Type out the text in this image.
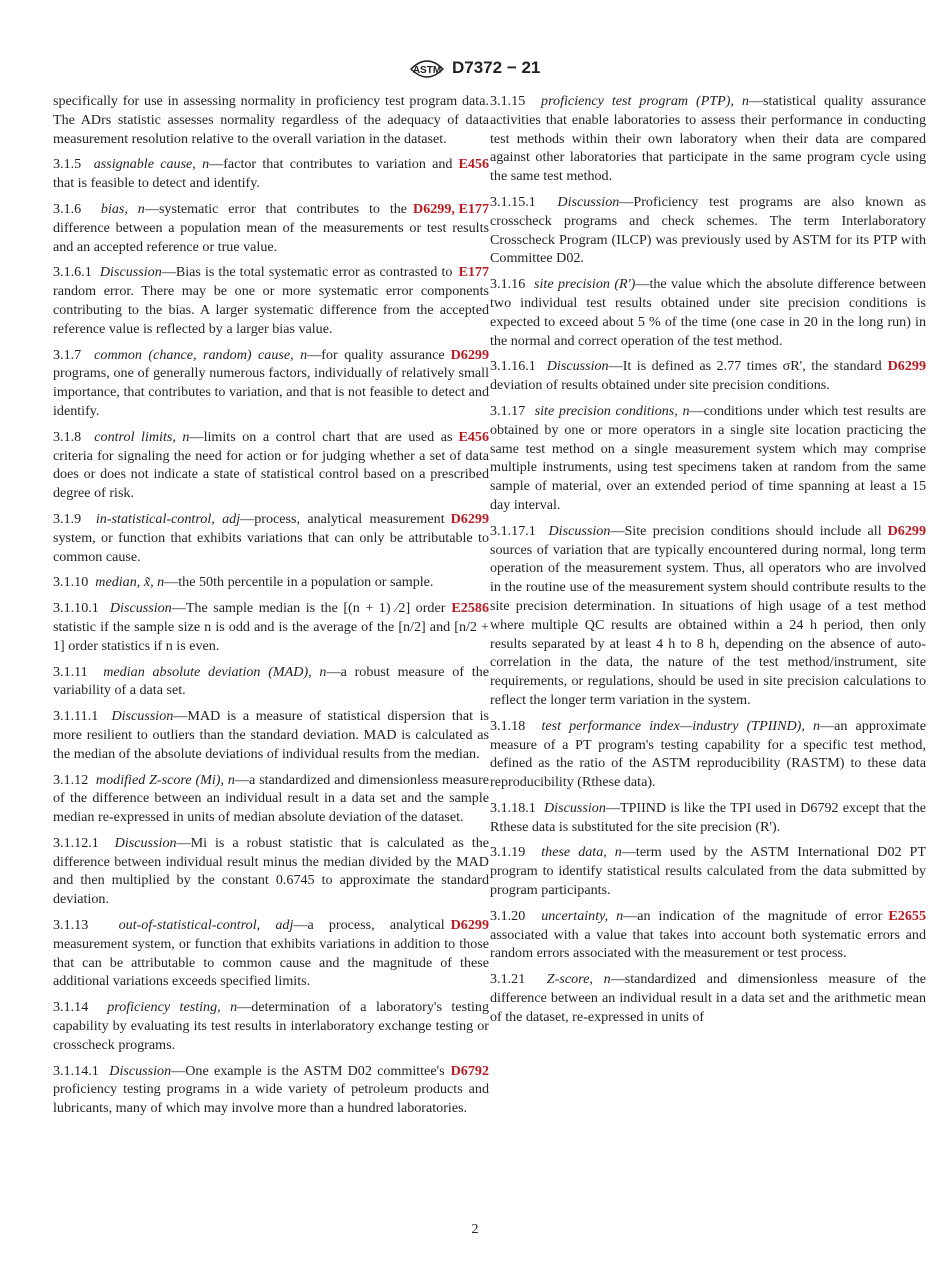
ASTM D7372 − 21

specifically for use in assessing normality in proficiency test program data. The ADrs statistic assesses normality regardless of the adequacy of data measurement resolution relative to the overall variation in the dataset.

E456
3.1.5 assignable cause, n—factor that contributes to variation and that is feasible to detect and identify.

D6299, E177
3.1.6 bias, n—systematic error that contributes to the difference between a population mean of the measurements or test results and an accepted reference or true value.

E177
3.1.6.1 Discussion—Bias is the total systematic error as contrasted to random error. There may be one or more systematic error components contributing to the bias. A larger systematic difference from the accepted reference value is reflected by a larger bias value.

D6299
3.1.7 common (chance, random) cause, n—for quality assurance programs, one of generally numerous factors, individually of relatively small importance, that contributes to variation, and that is not feasible to detect and identify.

E456
3.1.8 control limits, n—limits on a control chart that are used as criteria for signaling the need for action or for judging whether a set of data does or does not indicate a state of statistical control based on a prescribed degree of risk.

D6299
3.1.9 in-statistical-control, adj—process, analytical measurement system, or function that exhibits variations that can only be attributable to common cause.

3.1.10 median, x̃, n—the 50th percentile in a population or sample.

E2586
3.1.10.1 Discussion—The sample median is the [(n + 1) ⁄2] order statistic if the sample size n is odd and is the average of the [n/2] and [n/2 + 1] order statistics if n is even.

3.1.11 median absolute deviation (MAD), n—a robust measure of the variability of a data set.

3.1.11.1 Discussion—MAD is a measure of statistical dispersion that is more resilient to outliers than the standard deviation. MAD is calculated as the median of the absolute deviations of individual results from the median.

3.1.12 modified Z-score (Mi), n—a standardized and dimensionless measure of the difference between an individual result in a data set and the sample median re-expressed in units of median absolute deviation of the dataset.

3.1.12.1 Discussion—Mi is a robust statistic that is calculated as the difference between individual result minus the median divided by the MAD and then multiplied by the constant 0.6745 to approximate the standard deviation.

D6299
3.1.13 out-of-statistical-control, adj—a process, analytical measurement system, or function that exhibits variations in addition to those that can be attributable to common cause and the magnitude of these additional variations exceeds specified limits.

3.1.14 proficiency testing, n—determination of a laboratory's testing capability by evaluating its test results in interlaboratory exchange testing or crosscheck programs.

D6792
3.1.14.1 Discussion—One example is the ASTM D02 committee's proficiency testing programs in a wide variety of petroleum products and lubricants, many of which may involve more than a hundred laboratories.

3.1.15 proficiency test program (PTP), n—statistical quality assurance activities that enable laboratories to assess their performance in conducting test methods within their own laboratory when their data are compared against other laboratories that participate in the same program cycle using the same test method.

3.1.15.1 Discussion—Proficiency test programs are also known as crosscheck programs and check schemes. The term Interlaboratory Crosscheck Program (ILCP) was previously used by ASTM for its PTP with Committee D02.

3.1.16 site precision (R')—the value which the absolute difference between two individual test results obtained under site precision conditions is expected to exceed about 5 % of the time (one case in 20 in the long run) in the normal and correct operation of the test method.

D6299
3.1.16.1 Discussion—It is defined as 2.77 times σR', the standard deviation of results obtained under site precision conditions.

3.1.17 site precision conditions, n—conditions under which test results are obtained by one or more operators in a single site location practicing the same test method on a single measurement system which may comprise multiple instruments, using test specimens taken at random from the same sample of material, over an extended period of time spanning at least a 15 day interval.

D6299
3.1.17.1 Discussion—Site precision conditions should include all sources of variation that are typically encountered during normal, long term operation of the measurement system. Thus, all operators who are involved in the routine use of the measurement system should contribute results to the site precision determination. In situations of high usage of a test method where multiple QC results are obtained within a 24 h period, then only results separated by at least 4 h to 8 h, depending on the absence of auto-correlation in the data, the nature of the test method/instrument, site requirements, or regulations, should be used in site precision calculations to reflect the longer term variation in the system.

3.1.18 test performance index—industry (TPIIND), n—an approximate measure of a PT program's testing capability for a specific test method, defined as the ratio of the ASTM reproducibility (RASTM) to these data reproducibility (Rthese data).

3.1.18.1 Discussion—TPIIND is like the TPI used in D6792 except that the Rthese data is substituted for the site precision (R').

3.1.19 these data, n—term used by the ASTM International D02 PT program to identify statistical results calculated from the data submitted by program participants.

E2655
3.1.20 uncertainty, n—an indication of the magnitude of error associated with a value that takes into account both systematic errors and random errors associated with the measurement or test process.

3.1.21 Z-score, n—standardized and dimensionless measure of the difference between an individual result in a data set and the arithmetic mean of the dataset, re-expressed in units of

2
